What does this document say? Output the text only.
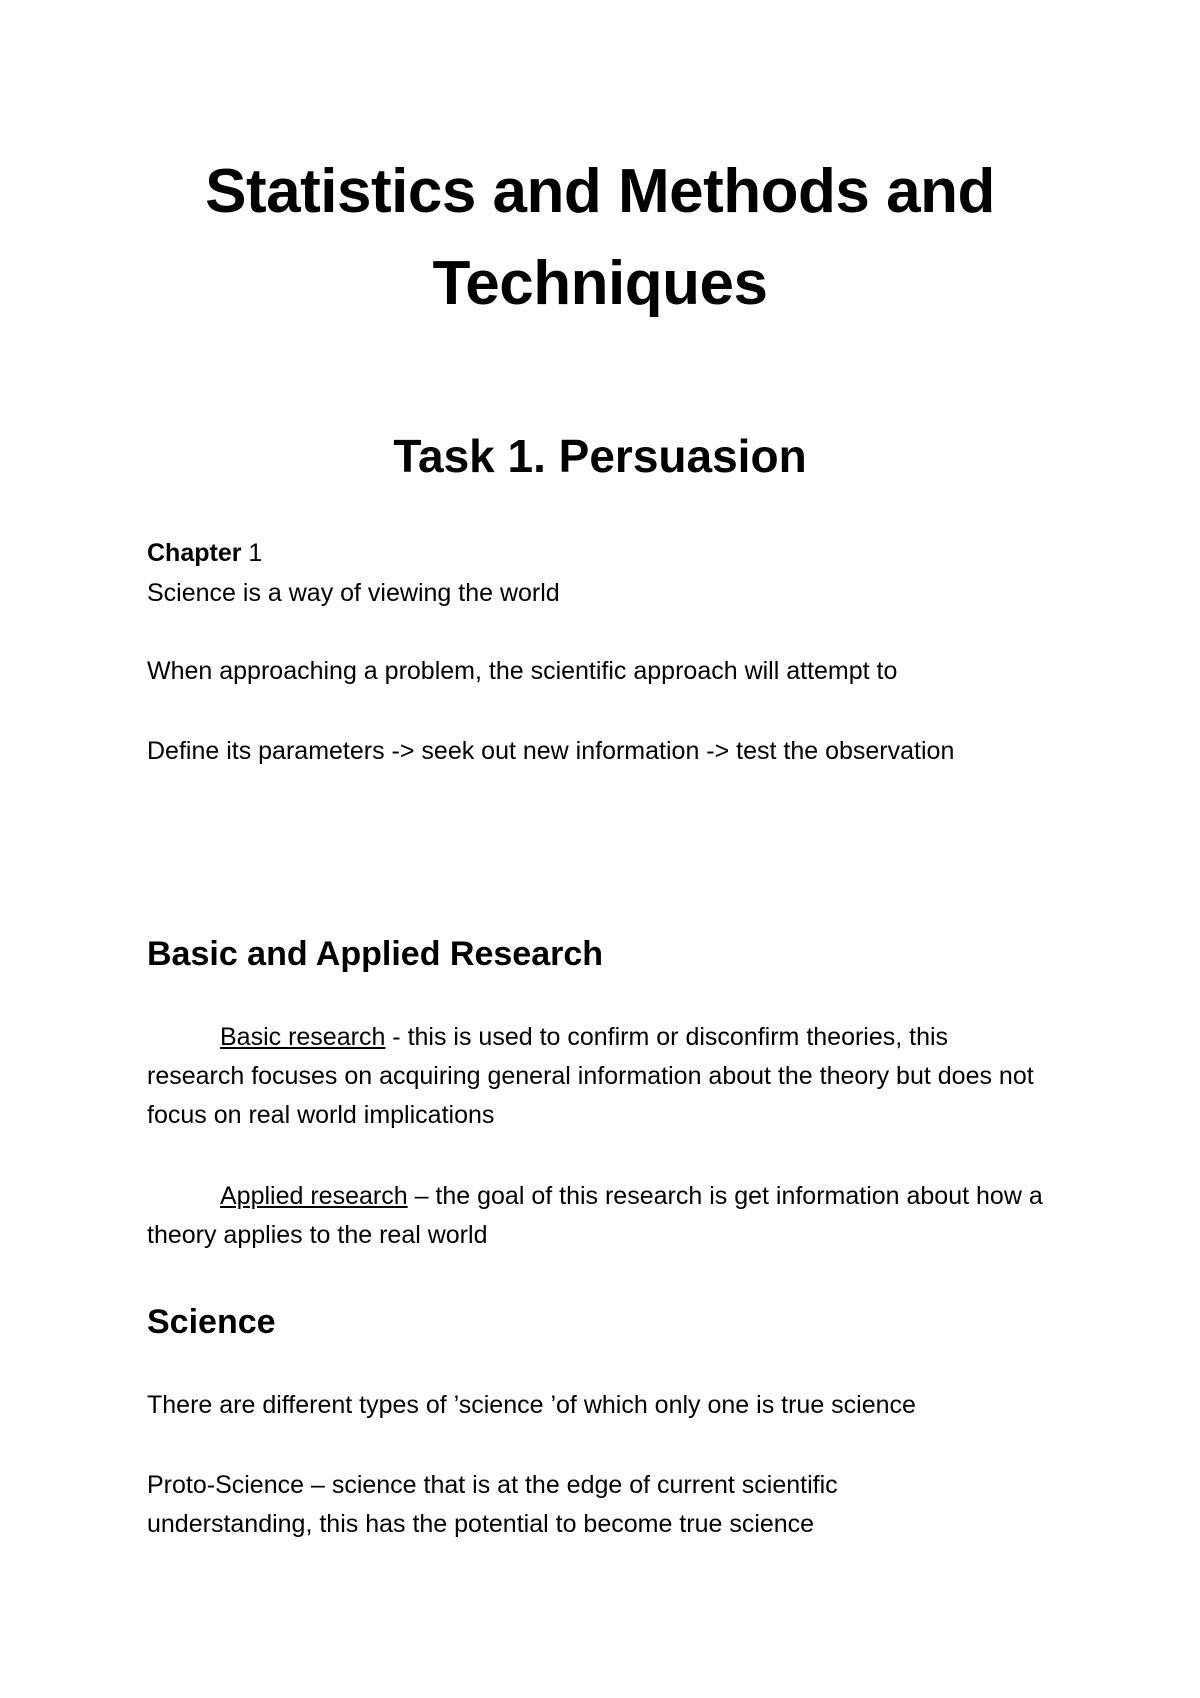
Statistics and Methods and Techniques
Task 1. Persuasion

Chapter 1

Science is a way of viewing the world

When approaching a problem, the scientific approach will attempt to

Define its parameters -> seek out new information -> test the observation

Basic and Applied Research

Basic research - this is used to confirm or disconfirm theories, this research focuses on acquiring general information about the theory but does not focus on real world implications

Applied research – the goal of this research is get information about how a theory applies to the real world

Science

There are different types of ’science ’of which only one is true science

Proto-Science – science that is at the edge of current scientific understanding, this has the potential to become true science
